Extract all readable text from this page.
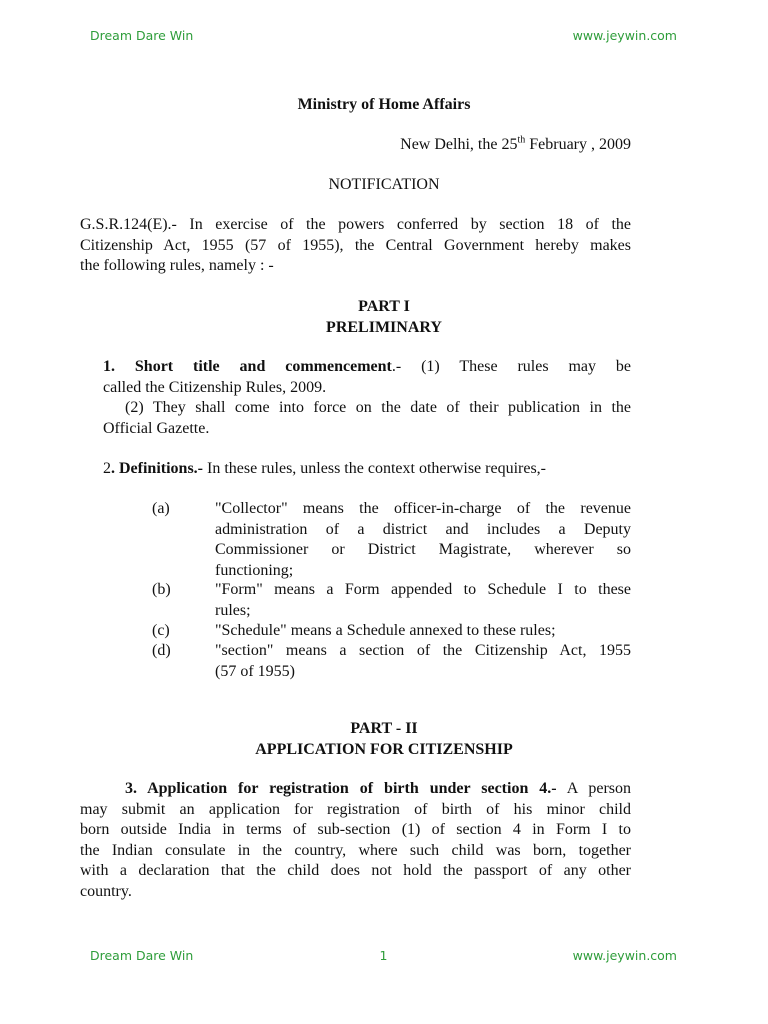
Dream Dare Win	www.jeywin.com
Ministry of Home Affairs
New Delhi, the 25th February , 2009
NOTIFICATION
G.S.R.124(E).- In exercise of the powers conferred by section 18 of the
Citizenship Act, 1955 (57 of 1955), the Central Government hereby makes
the following rules, namely : -
PART I
PRELIMINARY
1. Short title and commencement.- (1) These rules may be
called the Citizenship Rules, 2009.
(2) They shall come into force on the date of their publication in the
Official Gazette.
2. Definitions.- In these rules, unless the context otherwise requires,-
(a)	"Collector" means the officer-in-charge of the revenue
administration of a district and includes a Deputy
Commissioner or District Magistrate, wherever so
functioning;
(b)	"Form" means a Form appended to Schedule I to these
rules;
(c)	"Schedule" means a Schedule annexed to these rules;
(d)	"section" means a section of the Citizenship Act, 1955
(57 of 1955)
PART - II
APPLICATION FOR CITIZENSHIP
3. Application for registration of birth under section 4.- A person
may submit an application for registration of birth of his minor child
born outside India in terms of sub-section (1) of section 4 in Form I to
the Indian consulate in the country, where such child was born, together
with a declaration that the child does not hold the passport of any other
country.
Dream Dare Win	1	www.jeywin.com
